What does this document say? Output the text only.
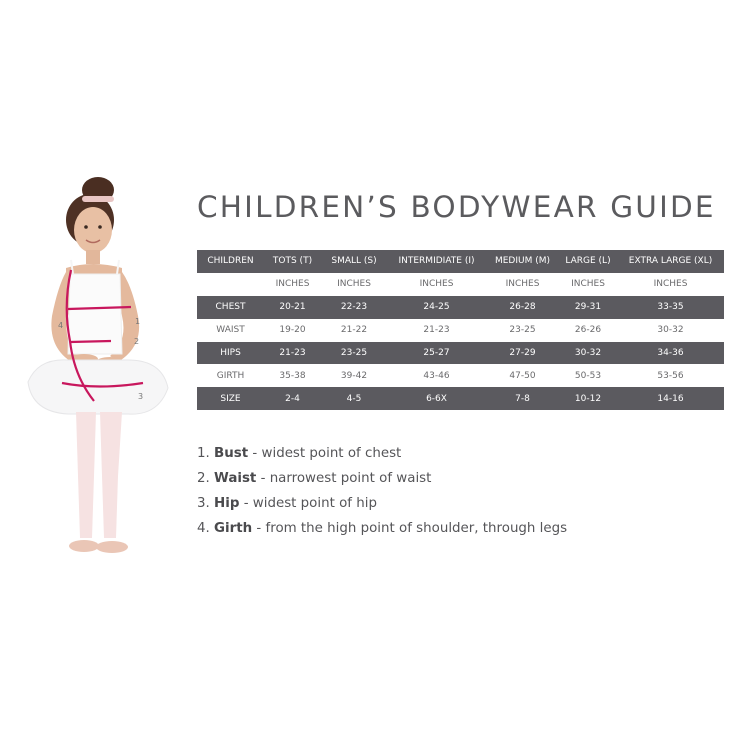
1
2
3
4
CHILDREN’S BODYWEAR GUIDE
CHILDREN	TOTS (T)	SMALL (S)	INTERMIDIATE (I)	MEDIUM (M)	LARGE (L)	EXTRA LARGE (XL)
	INCHES	INCHES	INCHES	INCHES	INCHES	INCHES
CHEST	20-21	22-23	24-25	26-28	29-31	33-35
WAIST	19-20	21-22	21-23	23-25	26-26	30-32
HIPS	21-23	23-25	25-27	27-29	30-32	34-36
GIRTH	35-38	39-42	43-46	47-50	50-53	53-56
SIZE	2-4	4-5	6-6X	7-8	10-12	14-16
1. Bust - widest point of chest
2. Waist - narrowest point of waist
3. Hip - widest point of hip
4. Girth - from the high point of shoulder, through legs
